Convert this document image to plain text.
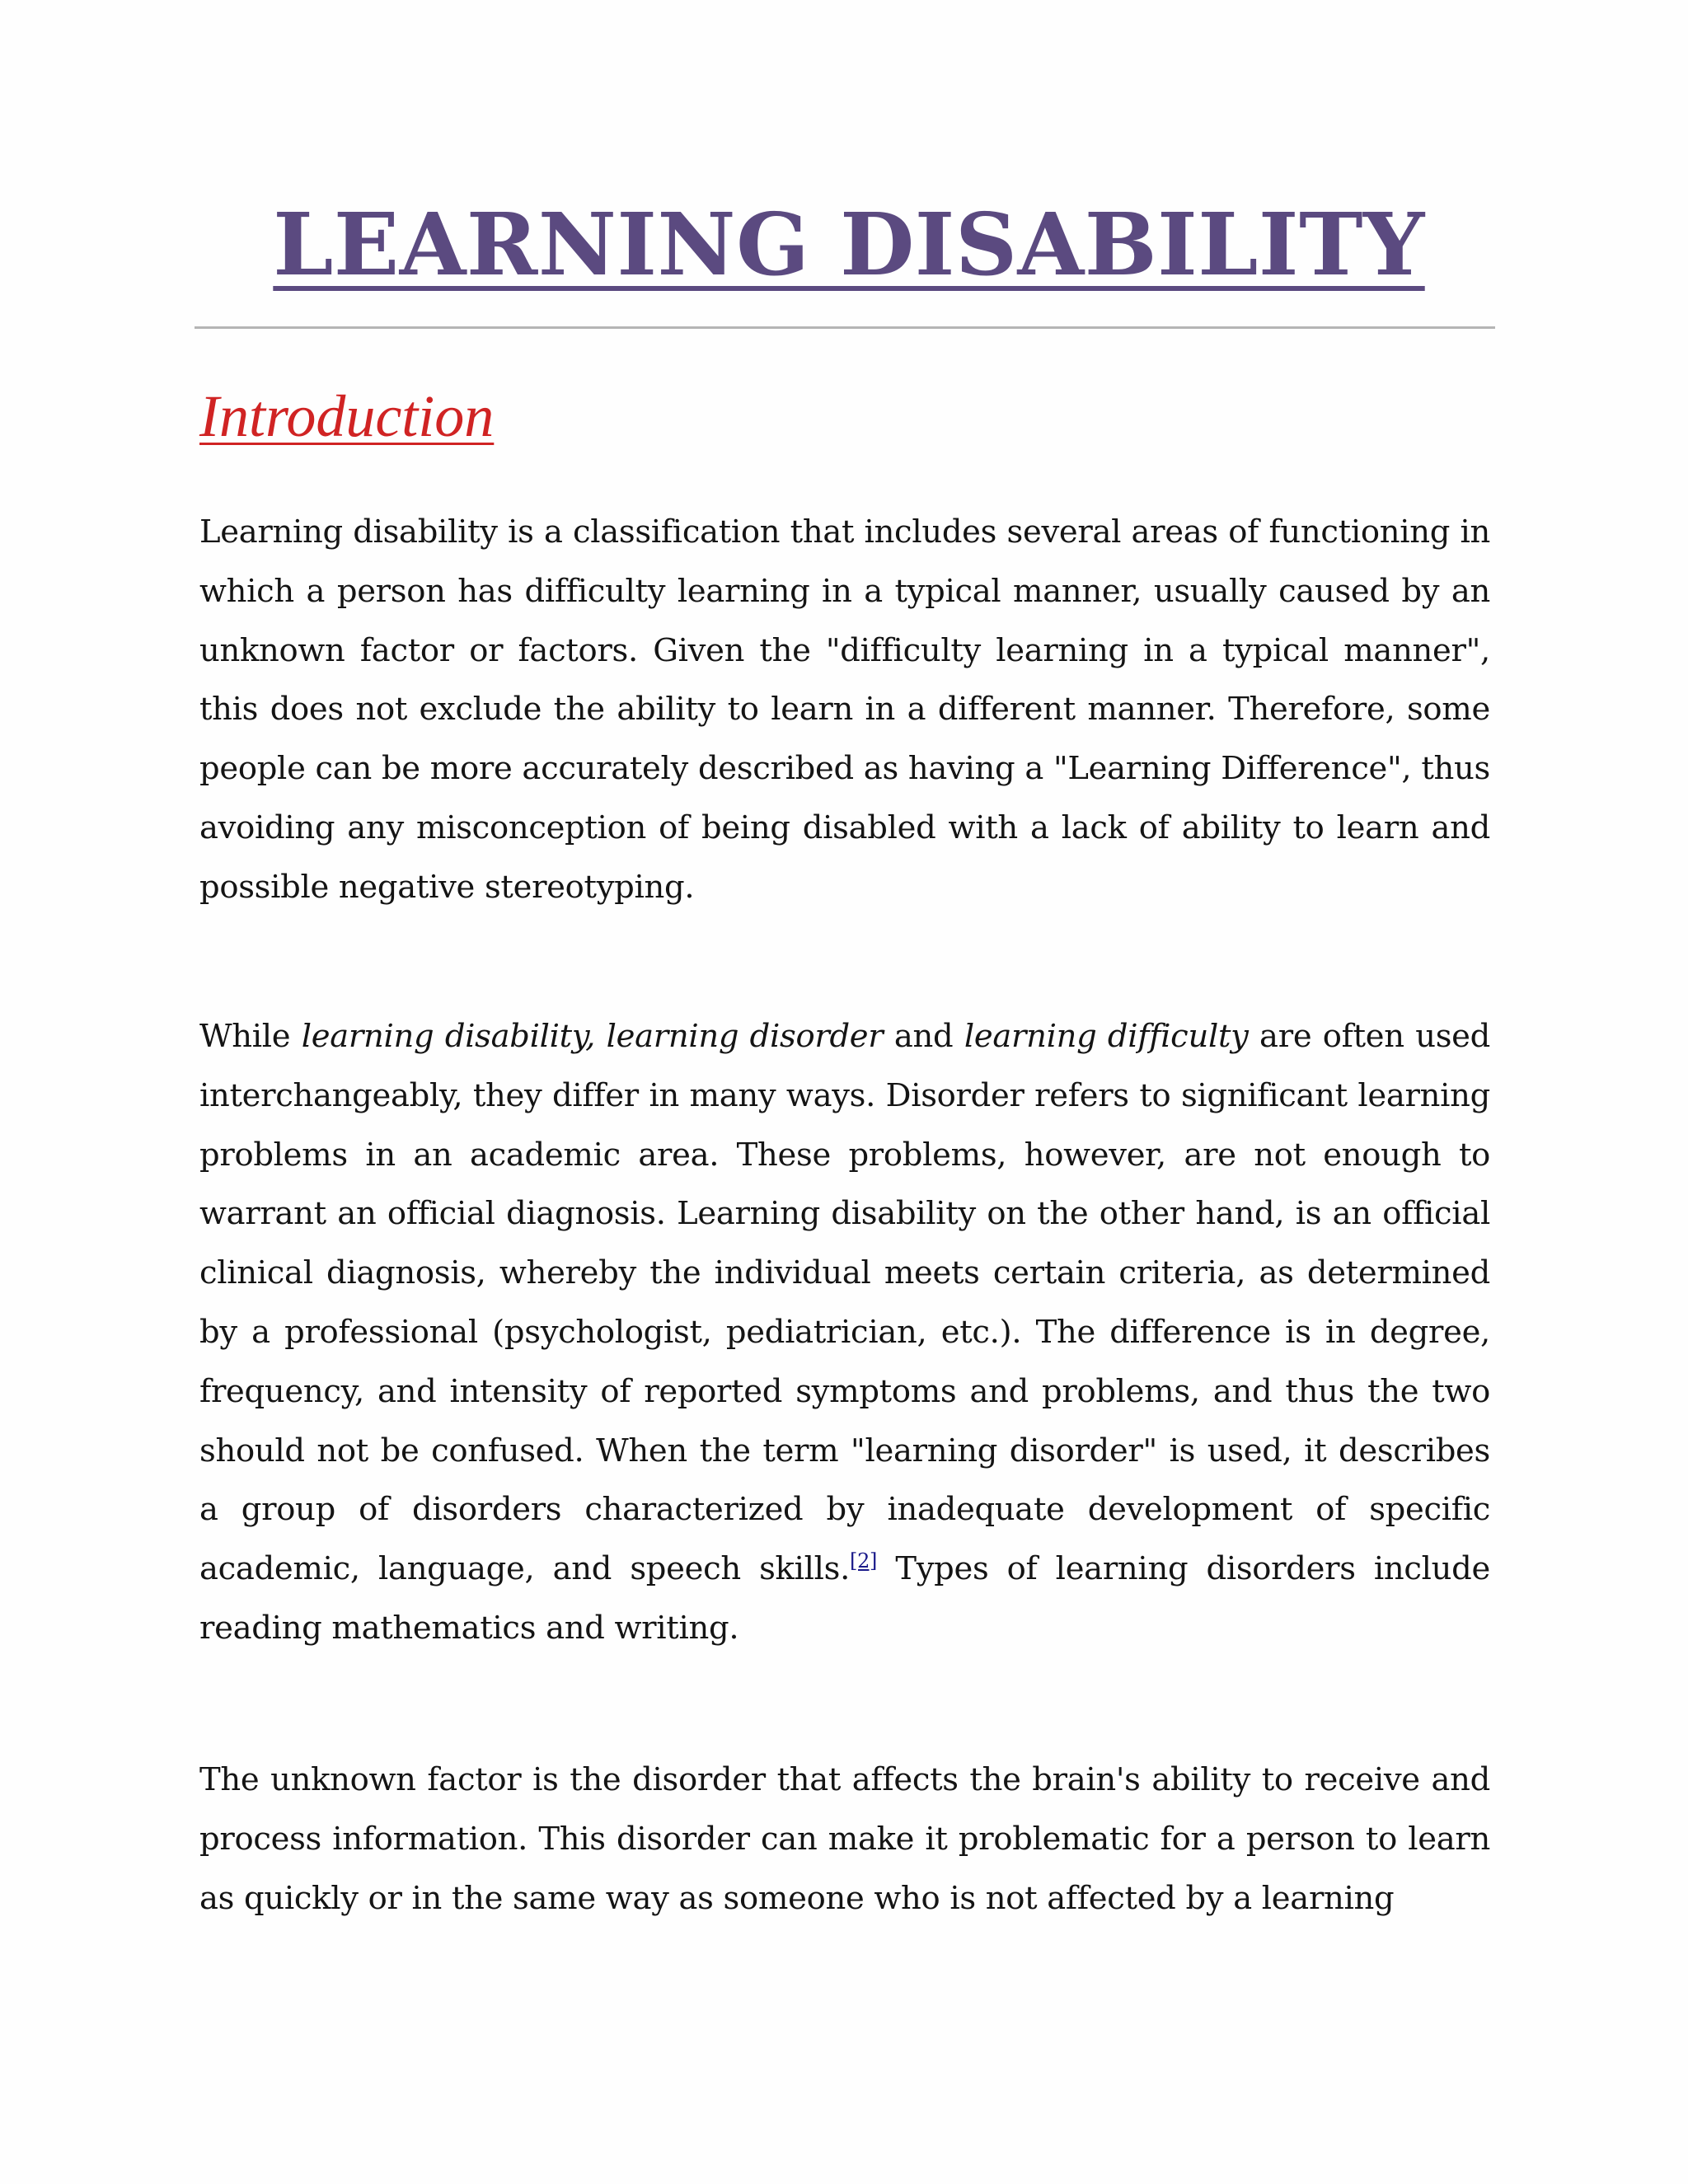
LEARNING DISABILITY
Introduction

Learning disability is a classification that includes several areas of functioning in which a person has difficulty learning in a typical manner, usually caused by an unknown factor or factors. Given the "difficulty learning in a typical manner", this does not exclude the ability to learn in a different manner. Therefore, some people can be more accurately described as having a "Learning Difference", thus avoiding any misconception of being disabled with a lack of ability to learn and possible negative stereotyping.

While learning disability, learning disorder and learning difficulty are often used interchangeably, they differ in many ways. Disorder refers to significant learning problems in an academic area. These problems, however, are not enough to warrant an official diagnosis. Learning disability on the other hand, is an official clinical diagnosis, whereby the individual meets certain criteria, as determined by a professional (psychologist, pediatrician, etc.). The difference is in degree, frequency, and intensity of reported symptoms and problems, and thus the two should not be confused. When the term "learning disorder" is used, it describes a group of disorders characterized by inadequate development of specific academic, language, and speech skills.[2] Types of learning disorders include reading mathematics and writing.

The unknown factor is the disorder that affects the brain's ability to receive and process information. This disorder can make it problematic for a person to learn as quickly or in the same way as someone who is not affected by a learning
